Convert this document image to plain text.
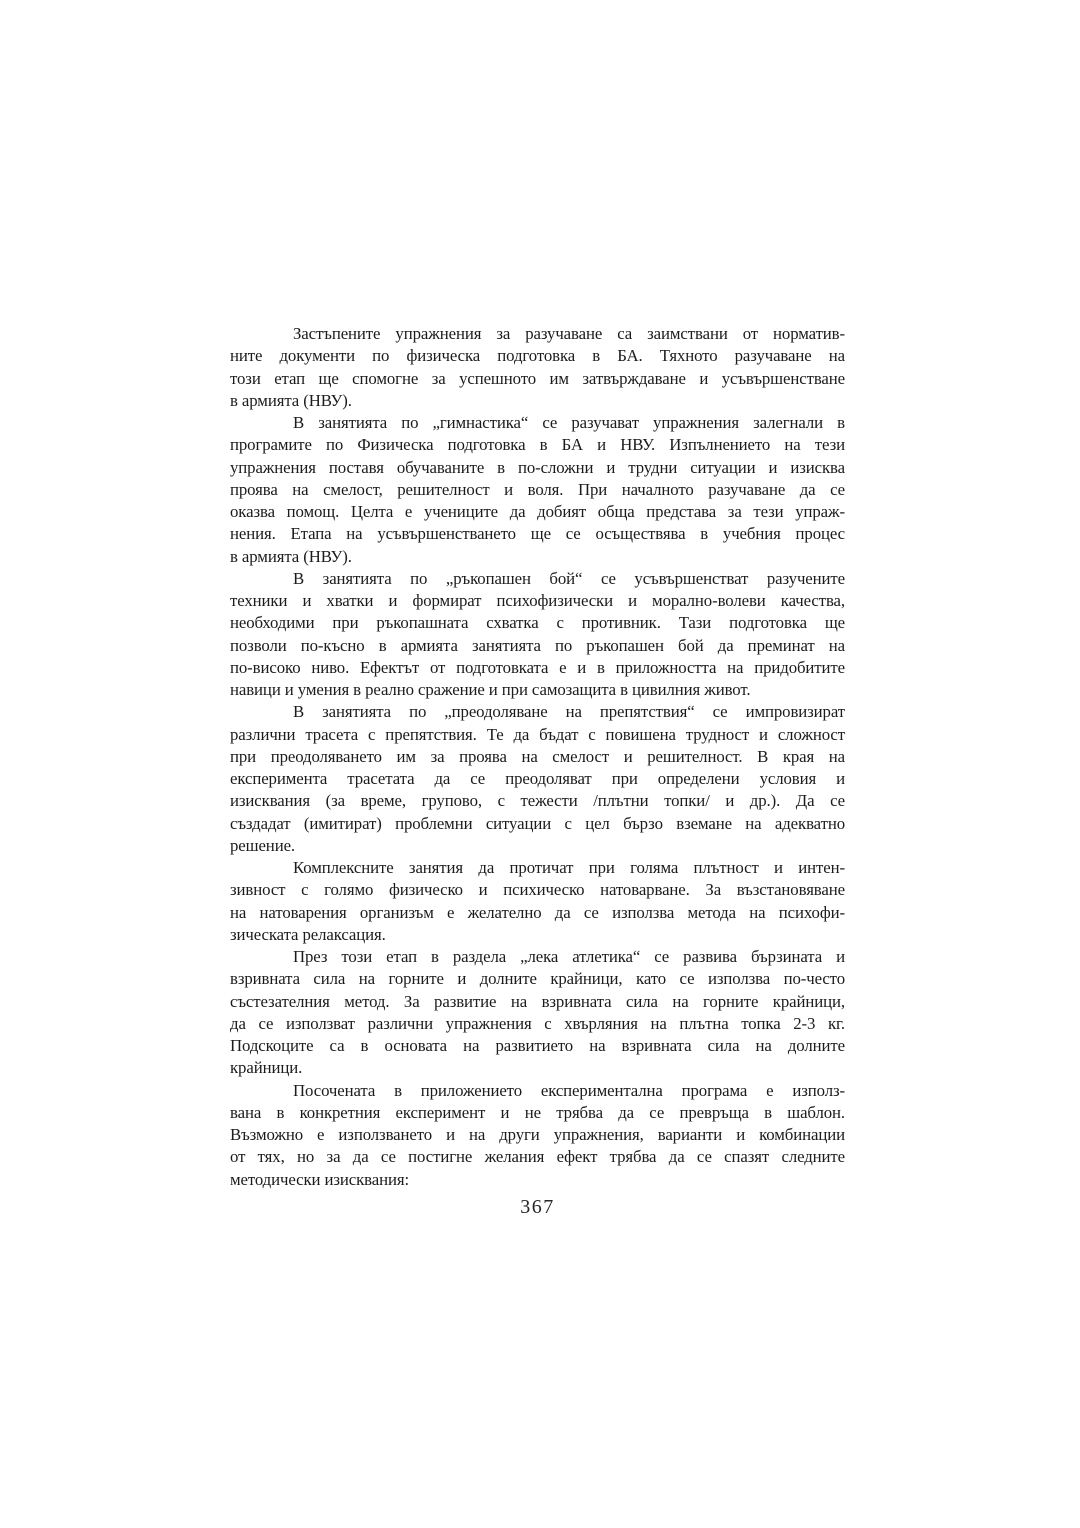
Застъпените упражнения за разучаване са заимствани от норматив-
ните документи по физическа подготовка в БА. Тяхното разучаване на
този етап ще спомогне за успешното им затвърждаване и усъвършенстване
в армията (НВУ).
В занятията по „гимнастика“ се разучават упражнения залегнали в
програмите по Физическа подготовка в БА и НВУ. Изпълнението на тези
упражнения поставя обучаваните в по-сложни и трудни ситуации и изисква
проява на смелост, решителност и воля. При началното разучаване да се
оказва помощ. Целта е учениците да добият обща представа за тези упраж-
нения. Етапа на усъвършенстването ще се осъществява в учебния процес
в армията (НВУ).
В занятията по „ръкопашен бой“ се усъвършенстват разучените
техники и хватки и формират психофизически и морално-волеви качества,
необходими при ръкопашната схватка с противник. Тази подготовка ще
позволи по-късно в армията занятията по ръкопашен бой да преминат на
по-високо ниво. Ефектът от подготовката е и в приложността на придобитите
навици и умения в реално сражение и при самозащита в цивилния живот.
В занятията по „преодоляване на препятствия“ се импровизират
различни трасета с препятствия. Те да бъдат с повишена трудност и сложност
при преодоляването им за проява на смелост и решителност. В края на
експеримента трасетата да се преодоляват при определени условия и
изисквания (за време, групово, с тежести /плътни топки/ и др.). Да се
създадат (имитират) проблемни ситуации с цел бързо вземане на адекватно
решение.
Комплексните занятия да протичат при голяма плътност и интен-
зивност с голямо физическо и психическо натоварване. За възстановяване
на натоварения организъм е желателно да се използва метода на психофи-
зическата релаксация.
През този етап в раздела „лека атлетика“ се развива бързината и
взривната сила на горните и долните крайници, като се използва по-често
състезателния метод. За развитие на взривната сила на горните крайници,
да се използват различни упражнения с хвърляния на плътна топка 2-3 кг.
Подскоците са в основата на развитието на взривната сила на долните
крайници.
Посочената в приложението експериментална програма е използ-
вана в конкретния експеримент и не трябва да се превръща в шаблон.
Възможно е използването и на други упражнения, варианти и комбинации
от тях, но за да се постигне желания ефект трябва да се спазят следните
методически изисквания:
367
